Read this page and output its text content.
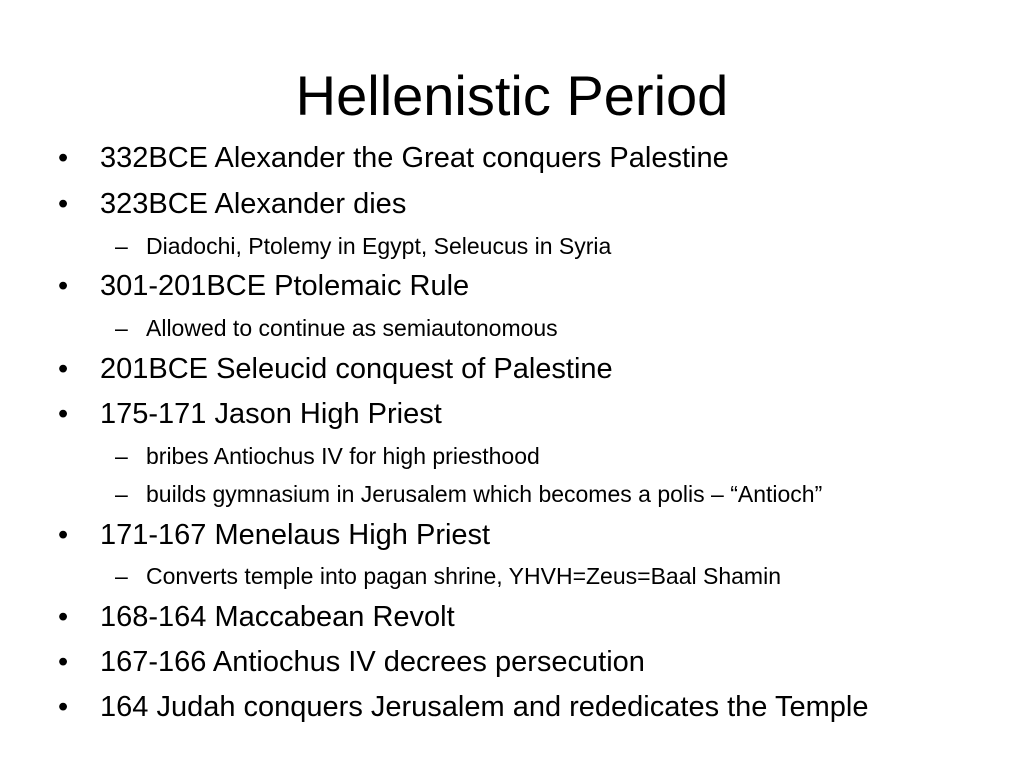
Hellenistic Period
• 332BCE Alexander the Great conquers Palestine
• 323BCE Alexander dies
– Diadochi, Ptolemy in Egypt, Seleucus in Syria
• 301-201BCE Ptolemaic Rule
– Allowed to continue as semiautonomous
• 201BCE Seleucid conquest of Palestine
• 175-171 Jason High Priest
– bribes Antiochus IV for high priesthood
– builds gymnasium in Jerusalem which becomes a polis – “Antioch”
• 171-167 Menelaus High Priest
– Converts temple into pagan shrine, YHVH=Zeus=Baal Shamin
• 168-164 Maccabean Revolt
• 167-166 Antiochus IV decrees persecution
• 164 Judah conquers Jerusalem and rededicates the Temple
